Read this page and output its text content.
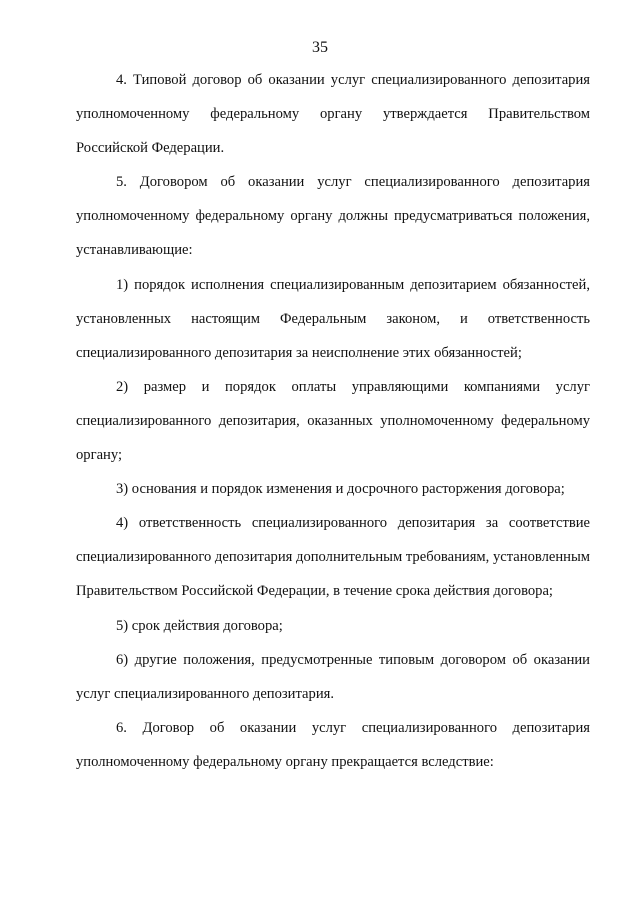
35

4. Типовой договор об оказании услуг специализированного депозитария уполномоченному федеральному органу утверждается Правительством Российской Федерации.

5. Договором об оказании услуг специализированного депозитария уполномоченному федеральному органу должны предусматриваться положения, устанавливающие:

1) порядок исполнения специализированным депозитарием обязанностей, установленных настоящим Федеральным законом, и ответственность специализированного депозитария за неисполнение этих обязанностей;

2) размер и порядок оплаты управляющими компаниями услуг специализированного депозитария, оказанных уполномоченному федеральному органу;

3) основания и порядок изменения и досрочного расторжения договора;

4) ответственность специализированного депозитария за соответствие специализированного депозитария дополнительным требованиям, установленным Правительством Российской Федерации, в течение срока действия договора;

5) срок действия договора;

6) другие положения, предусмотренные типовым договором об оказании услуг специализированного депозитария.

6. Договор об оказании услуг специализированного депозитария уполномоченному федеральному органу прекращается вследствие:
